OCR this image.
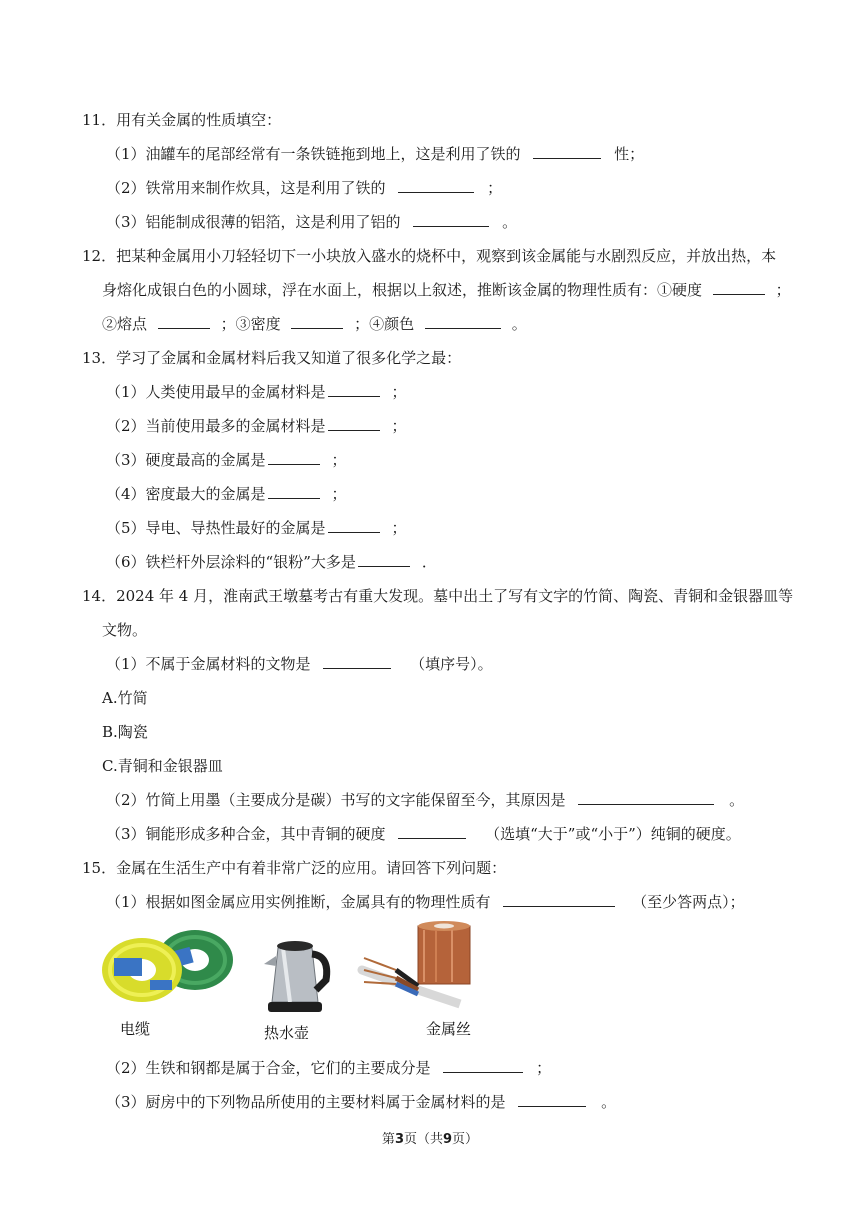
11．用有关金属的性质填空：
（1）油罐车的尾部经常有一条铁链拖到地上，这是利用了铁的	性；
（2）铁常用来制作炊具，这是利用了铁的	；
（3）铝能制成很薄的铝箔，这是利用了铝的	。
12．把某种金属用小刀轻轻切下一小块放入盛水的烧杯中，观察到该金属能与水剧烈反应，并放出热，本
身熔化成银白色的小圆球，浮在水面上，根据以上叙述，推断该金属的物理性质有：①硬度	；
②熔点	；③密度	；④颜色	。
13．学习了金属和金属材料后我又知道了很多化学之最：
（1）人类使用最早的金属材料是	；
（2）当前使用最多的金属材料是	；
（3）硬度最高的金属是	；
（4）密度最大的金属是	；
（5）导电、导热性最好的金属是	；
（6）铁栏杆外层涂料的“银粉”大多是	．
14．2024 年 4 月，淮南武王墩墓考古有重大发现。墓中出土了写有文字的竹简、陶瓷、青铜和金银器皿等
文物。
（1）不属于金属材料的文物是	（填序号）。
A.竹简
B.陶瓷
C.青铜和金银器皿
（2）竹简上用墨（主要成分是碳）书写的文字能保留至今，其原因是	。
（3）铜能形成多种合金，其中青铜的硬度	（选填“大于”或“小于”）纯铜的硬度。
15．金属在生活生产中有着非常广泛的应用。请回答下列问题：
（1）根据如图金属应用实例推断，金属具有的物理性质有	（至少答两点）；
电缆	热水壶	金属丝
（2）生铁和钢都是属于合金，它们的主要成分是	；
（3）厨房中的下列物品所使用的主要材料属于金属材料的是	。
第3页（共9页）
